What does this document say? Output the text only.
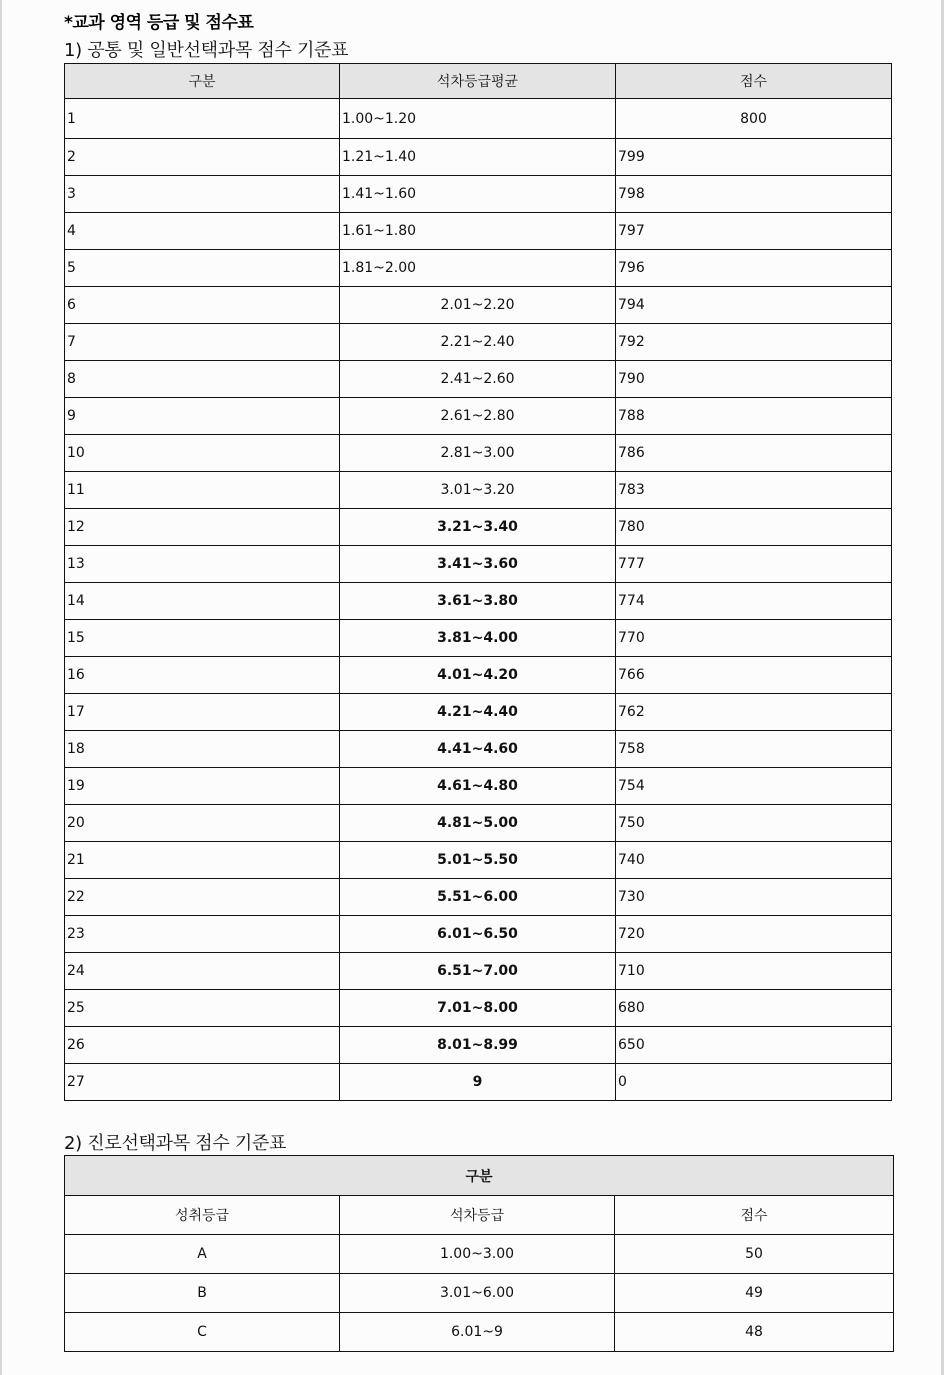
*교과 영역 등급 및 점수표
1) 공통 및 일반선택과목 점수 기준표
구분	석차등급평균	점수
1	1.00~1.20	800
2	1.21~1.40	799
3	1.41~1.60	798
4	1.61~1.80	797
5	1.81~2.00	796
6	2.01~2.20	794
7	2.21~2.40	792
8	2.41~2.60	790
9	2.61~2.80	788
10	2.81~3.00	786
11	3.01~3.20	783
12	3.21~3.40	780
13	3.41~3.60	777
14	3.61~3.80	774
15	3.81~4.00	770
16	4.01~4.20	766
17	4.21~4.40	762
18	4.41~4.60	758
19	4.61~4.80	754
20	4.81~5.00	750
21	5.01~5.50	740
22	5.51~6.00	730
23	6.01~6.50	720
24	6.51~7.00	710
25	7.01~8.00	680
26	8.01~8.99	650
27	9	0
2) 진로선택과목 점수 기준표
구분		
성취등급	석차등급	점수
A	1.00~3.00	50
B	3.01~6.00	49
C	6.01~9	48
